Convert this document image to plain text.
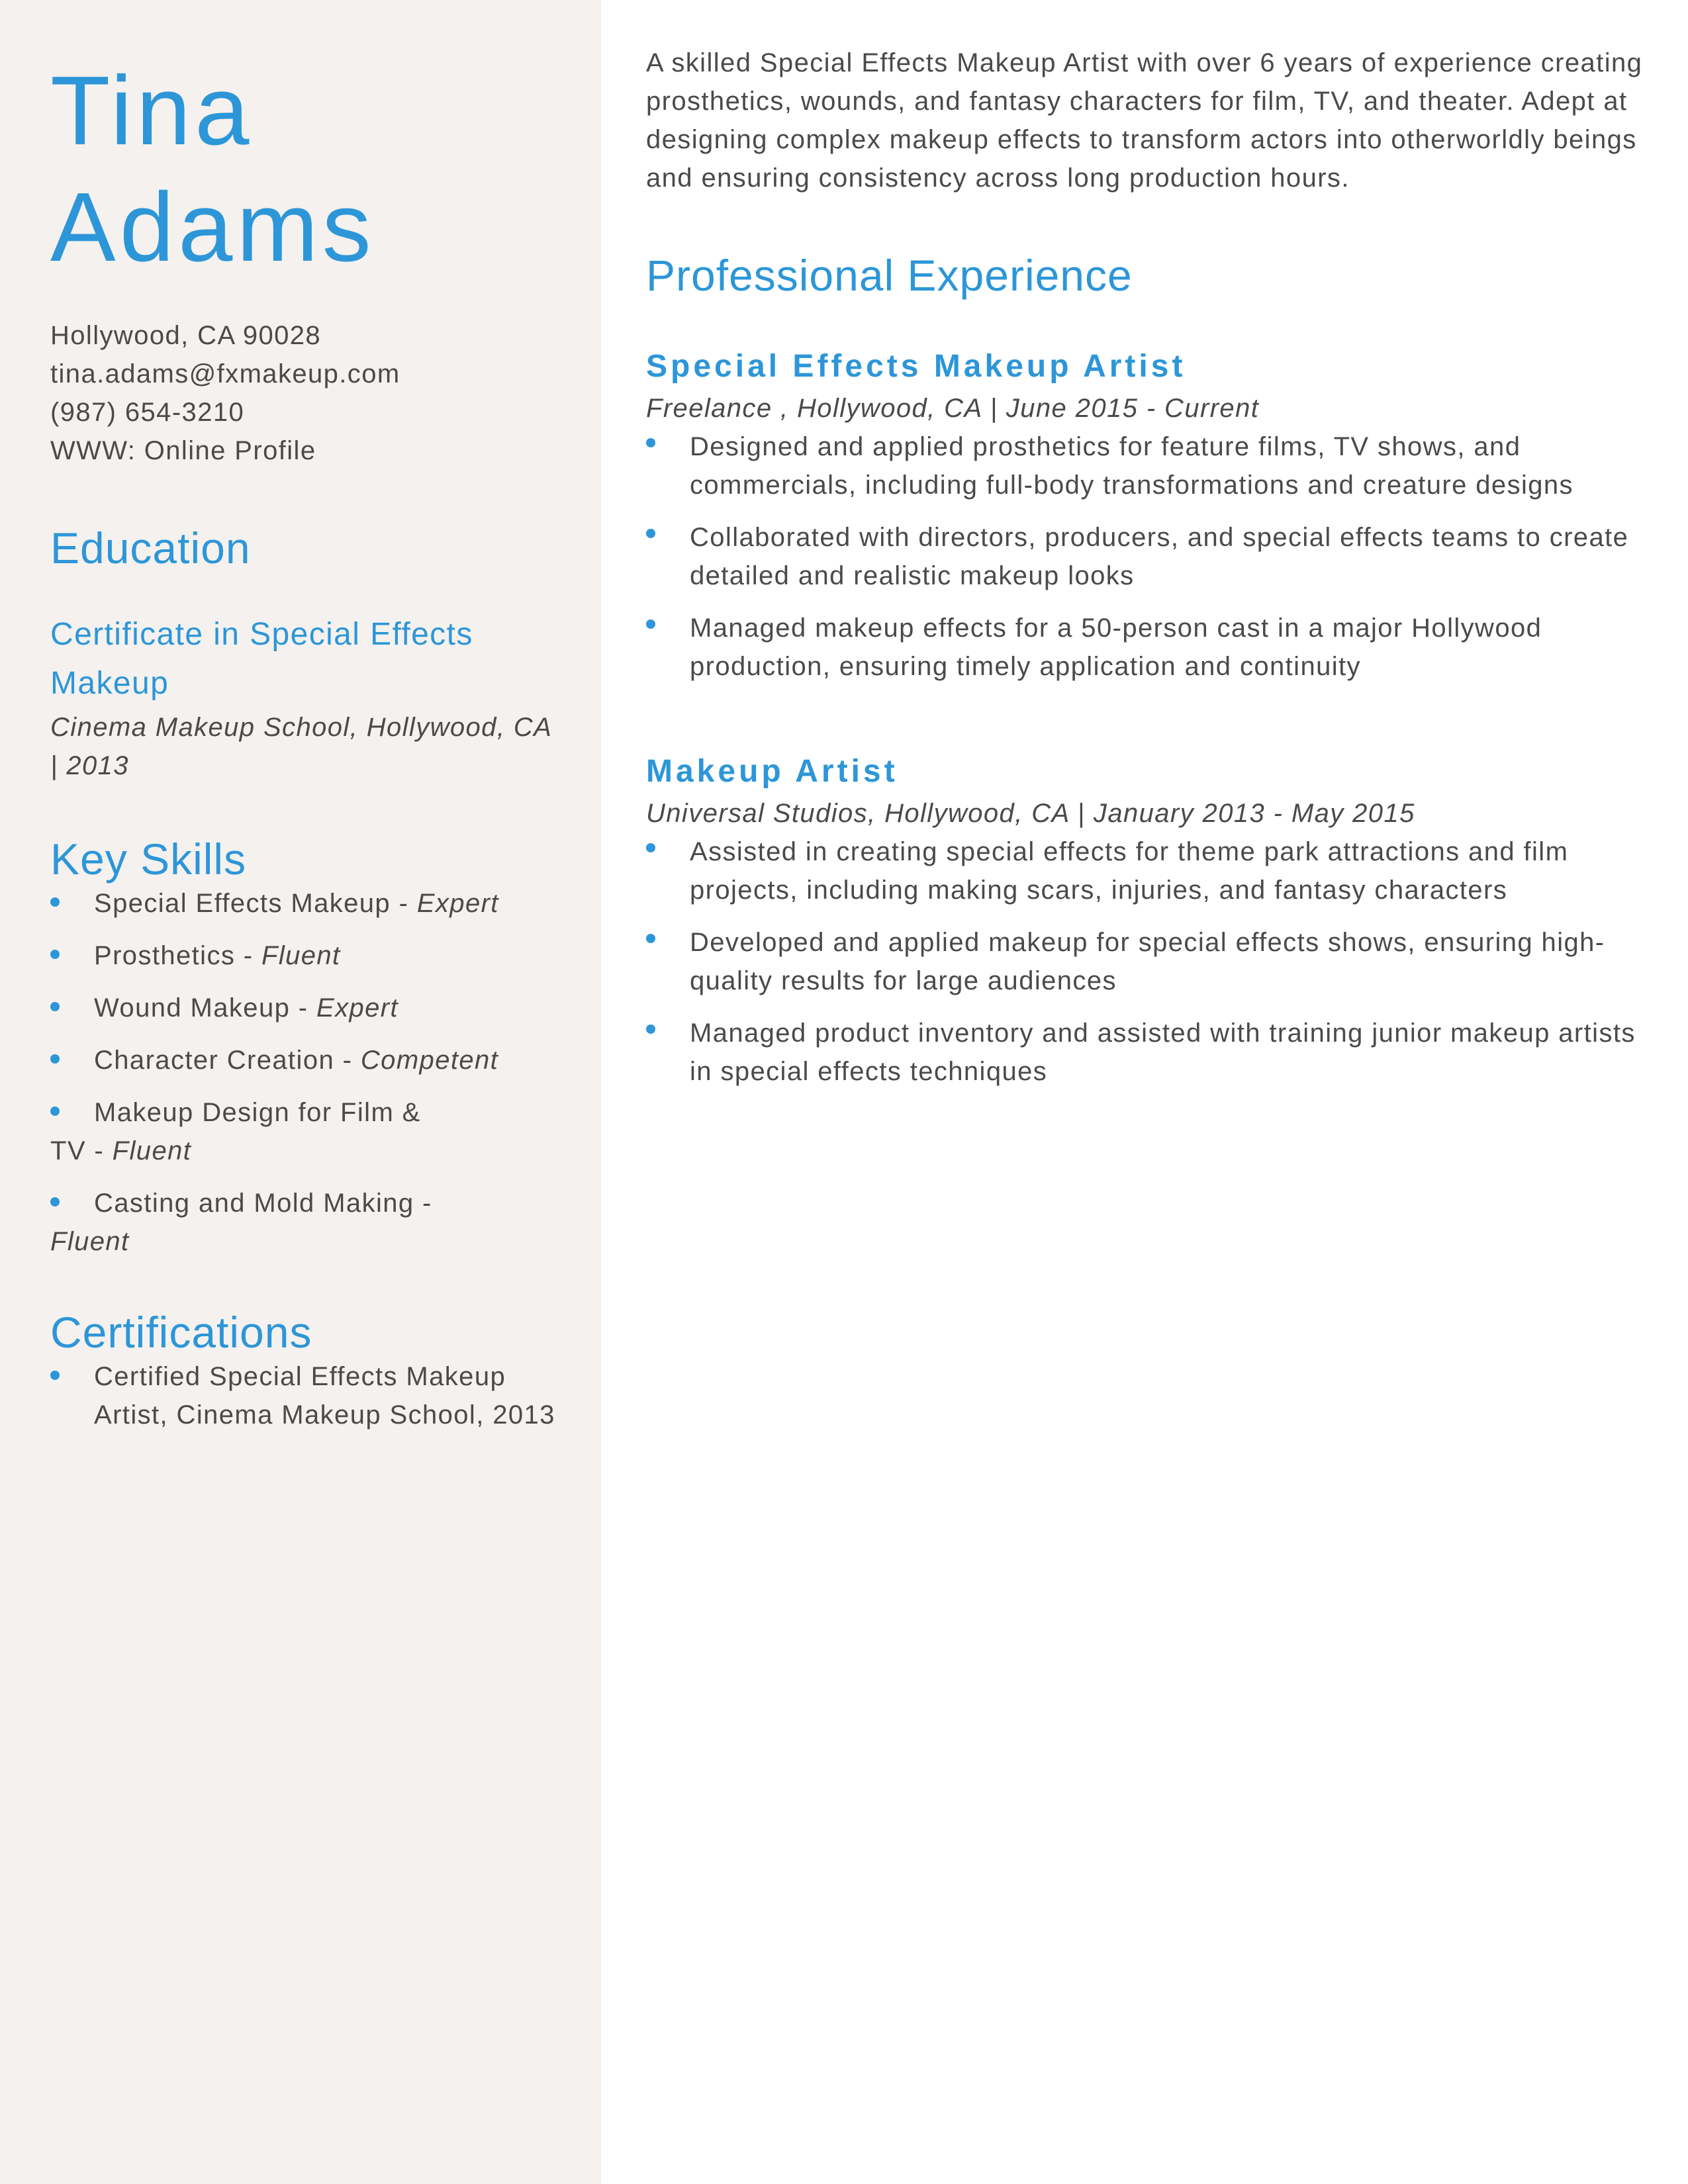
Tina
Adams
Hollywood, CA 90028
tina.adams@fxmakeup.com
(987) 654-3210
WWW: Online Profile
Education
Certificate in Special Effects Makeup
Cinema Makeup School, Hollywood, CA | 2013
Key Skills
Special Effects Makeup - Expert
Prosthetics - Fluent
Wound Makeup - Expert
Character Creation - Competent
Makeup Design for Film & TV - Fluent
Casting and Mold Making - Fluent
Certifications
Certified Special Effects Makeup Artist, Cinema Makeup School, 2013

A skilled Special Effects Makeup Artist with over 6 years of experience creating prosthetics, wounds, and fantasy characters for film, TV, and theater. Adept at designing complex makeup effects to transform actors into otherworldly beings and ensuring consistency across long production hours.

Professional Experience
Special Effects Makeup Artist
Freelance , Hollywood, CA | June 2015 - Current
Designed and applied prosthetics for feature films, TV shows, and commercials, including full-body transformations and creature designs
Collaborated with directors, producers, and special effects teams to create detailed and realistic makeup looks
Managed makeup effects for a 50-person cast in a major Hollywood production, ensuring timely application and continuity
Makeup Artist
Universal Studios, Hollywood, CA | January 2013 - May 2015
Assisted in creating special effects for theme park attractions and film projects, including making scars, injuries, and fantasy characters
Developed and applied makeup for special effects shows, ensuring high-quality results for large audiences
Managed product inventory and assisted with training junior makeup artists in special effects techniques
